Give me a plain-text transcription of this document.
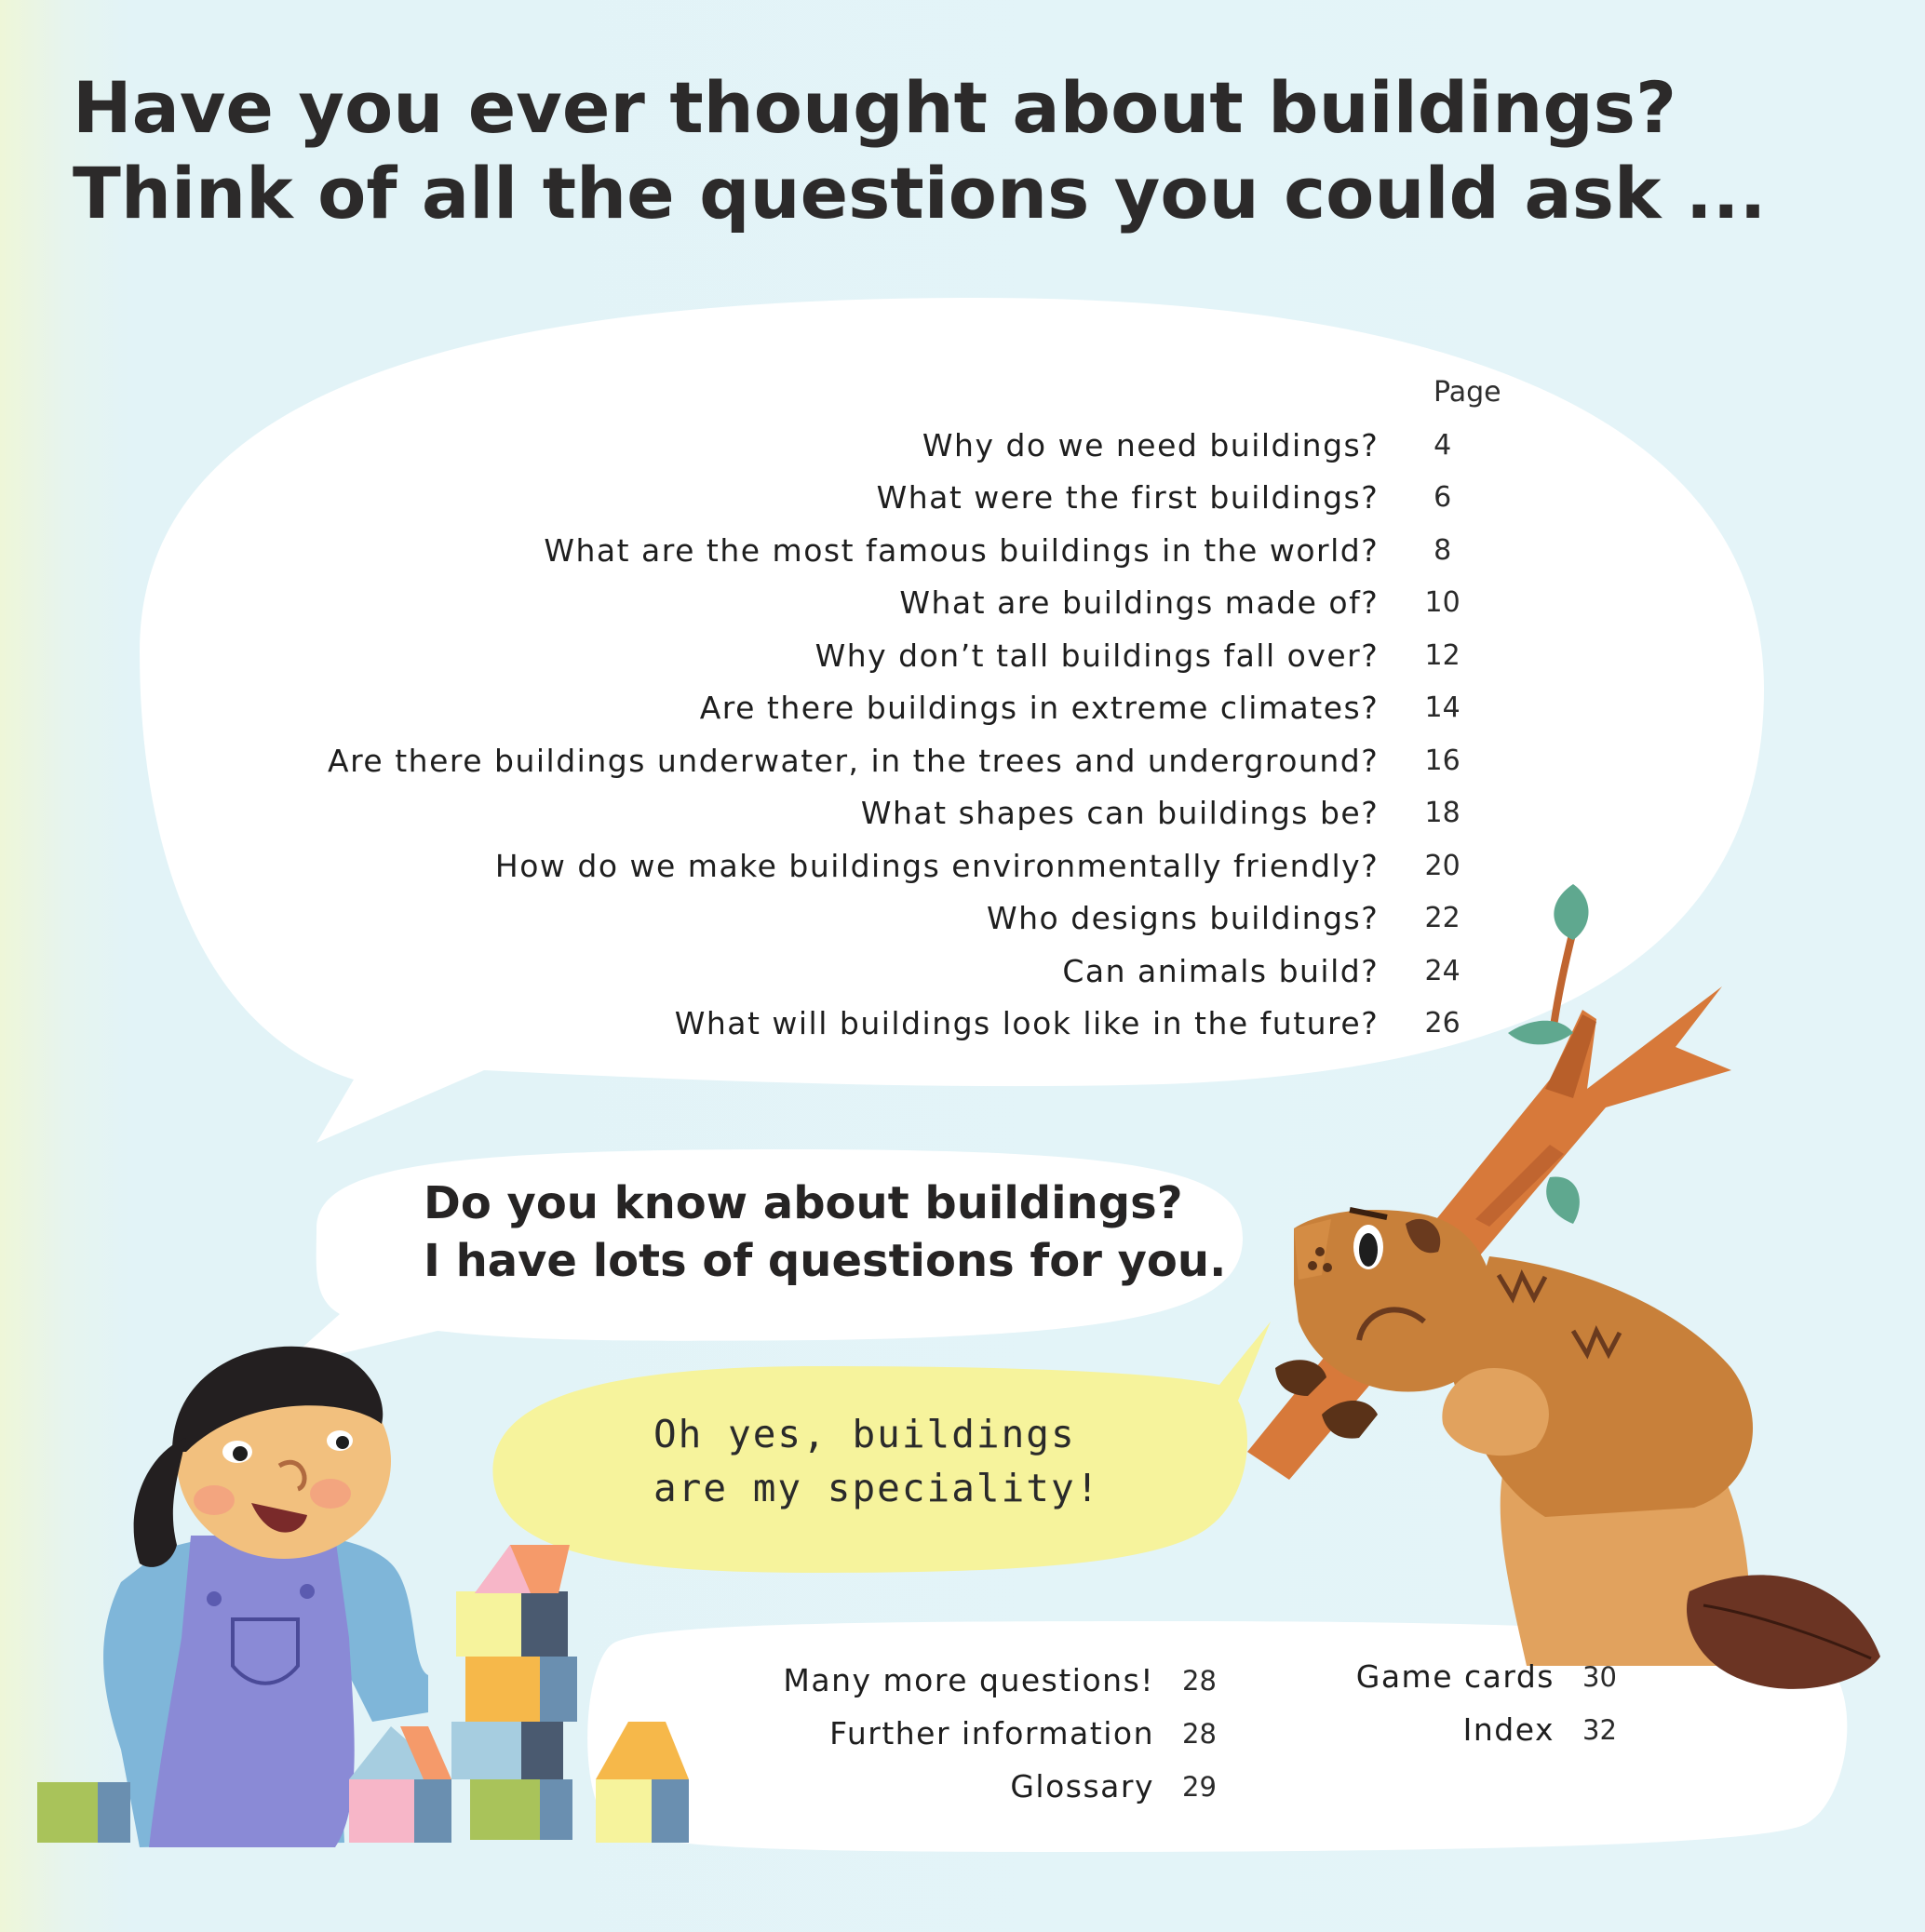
Have you ever thought about buildings?
Think of all the questions you could ask ...
Page
Why do we need buildings?	4
What were the first buildings?	6
What are the most famous buildings in the world?	8
What are buildings made of?	10
Why don’t tall buildings fall over?	12
Are there buildings in extreme climates?	14
Are there buildings underwater, in the trees and underground?	16
What shapes can buildings be?	18
How do we make buildings environmentally friendly?	20
Who designs buildings?	22
Can animals build?	24
What will buildings look like in the future?	26

Do you know about buildings?
I have lots of questions for you.

Oh yes, buildings
are my speciality!

Many more questions!	28
Further information	28
Glossary	29
Game cards	30
Index	32
